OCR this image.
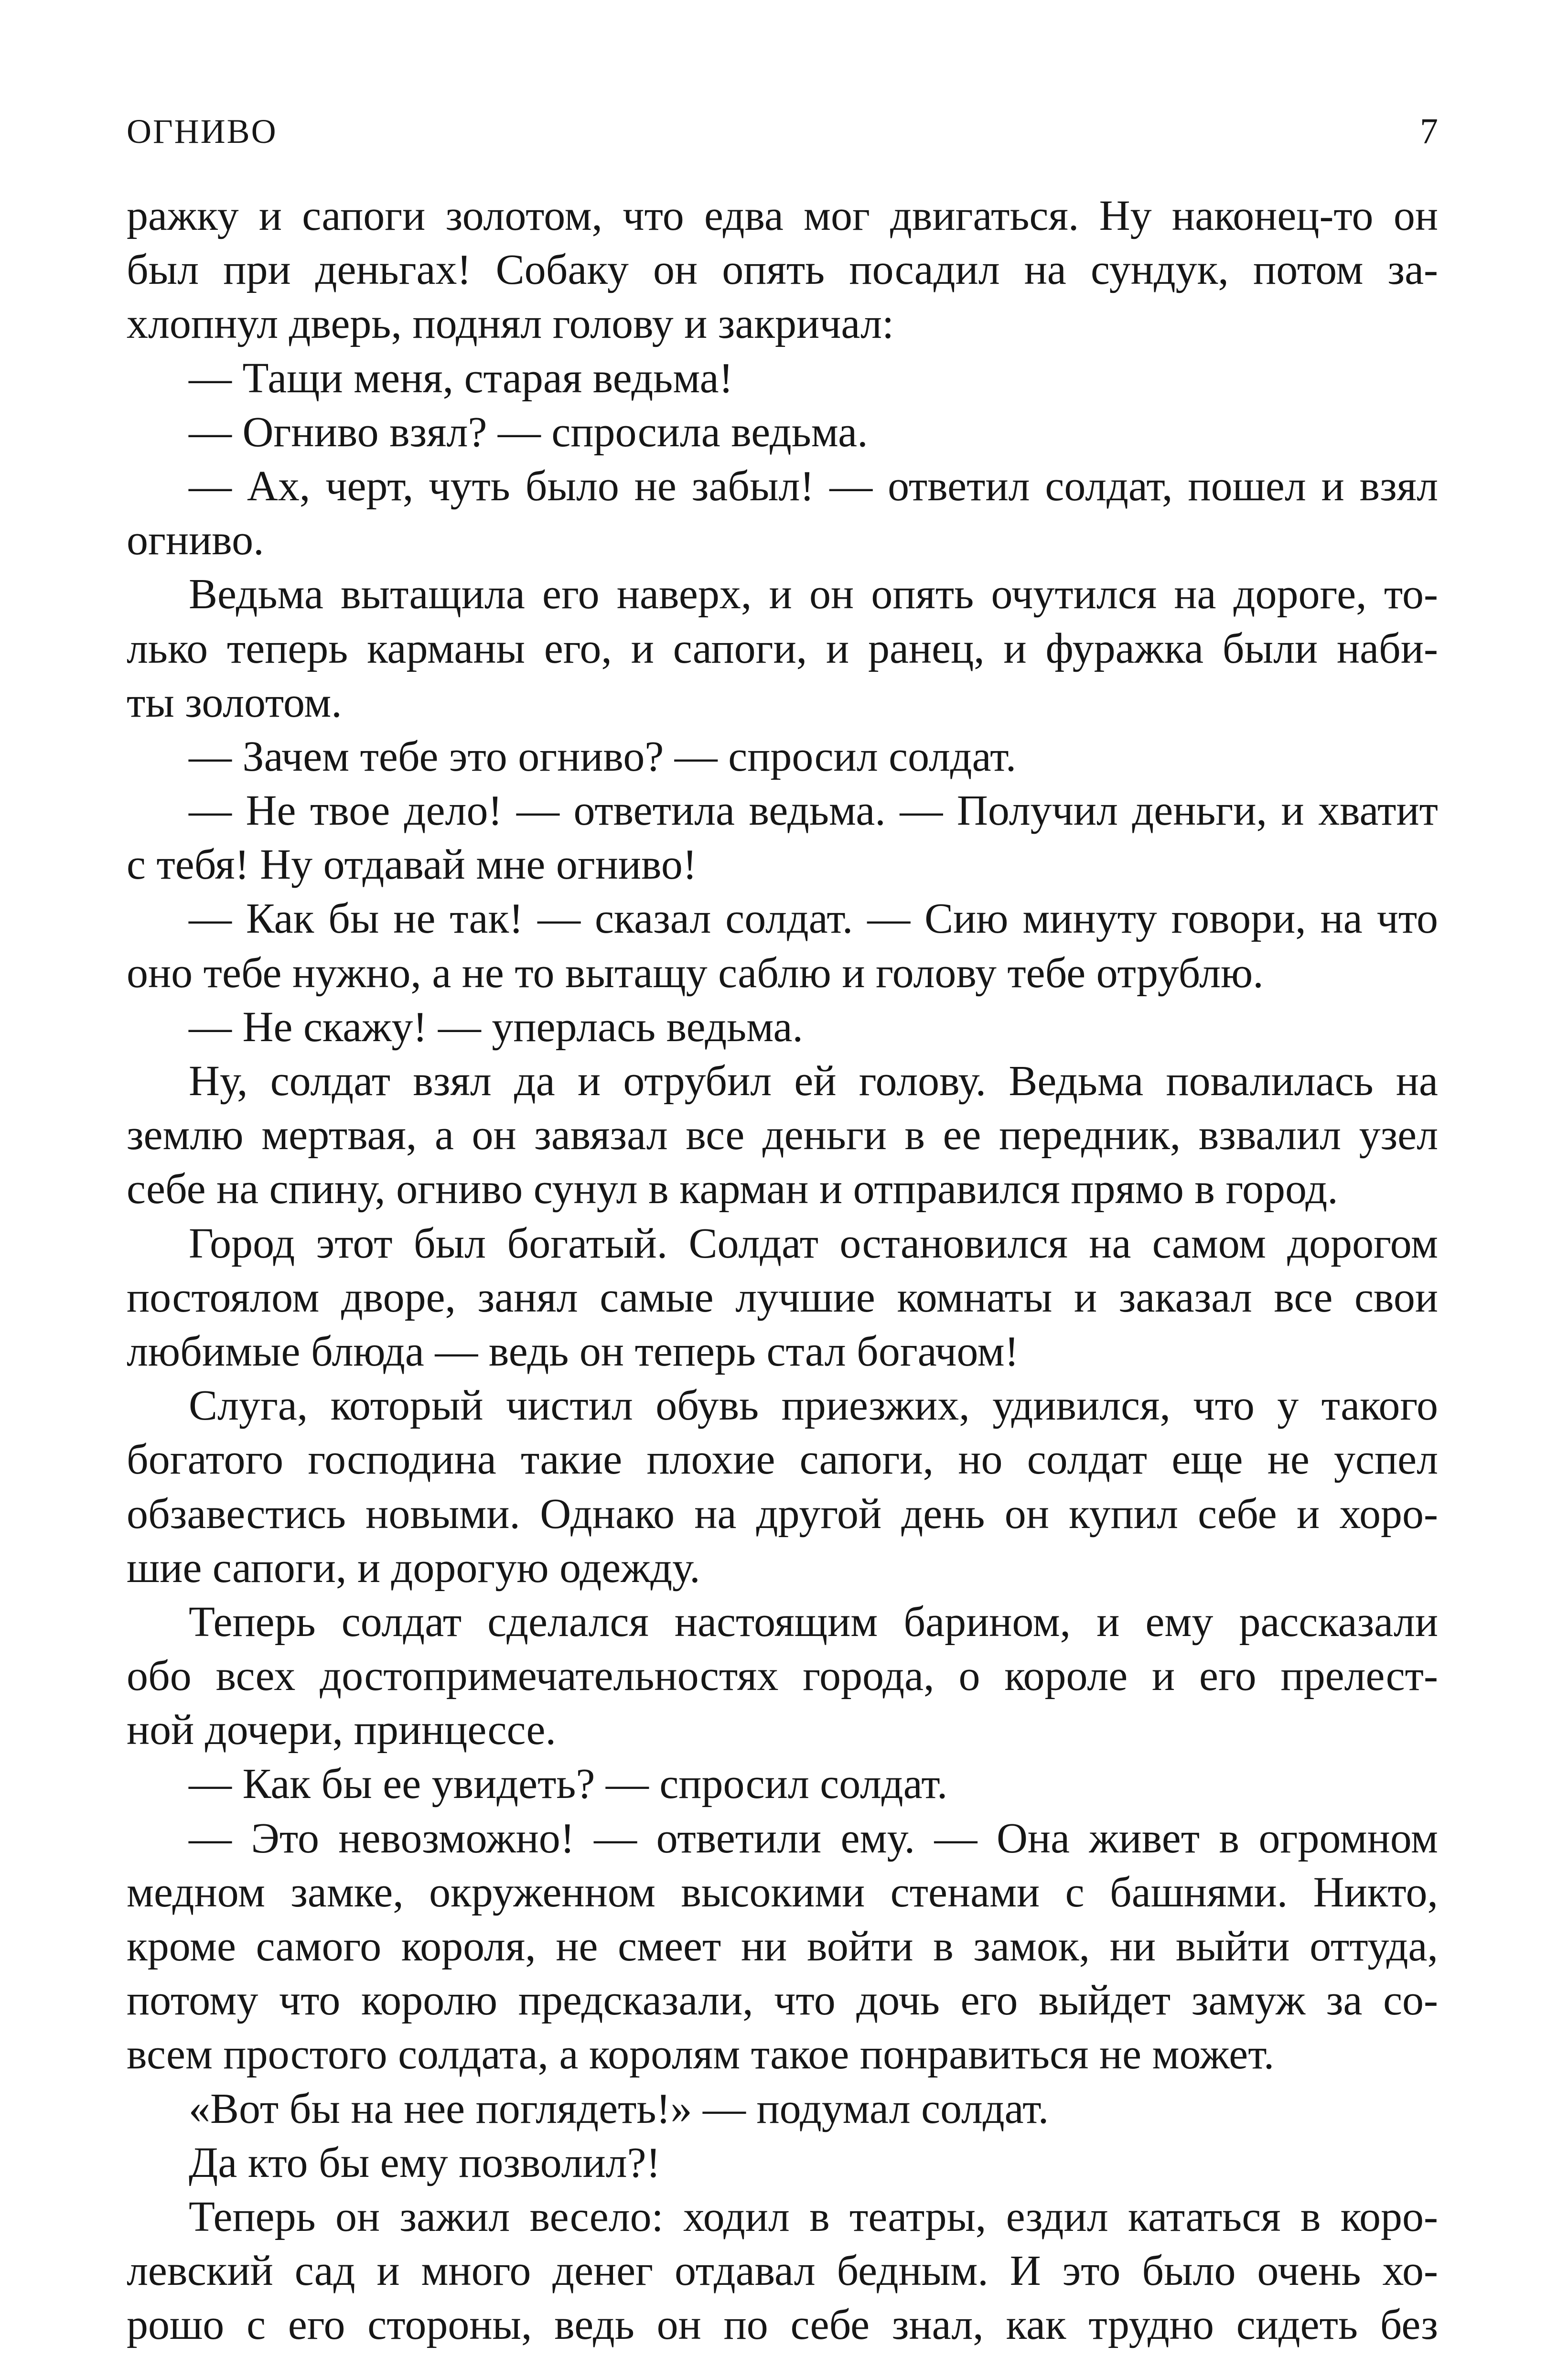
ОГНИВО	7
ражку и сапоги золотом, что едва мог двигаться. Ну наконец-то он
был при деньгах! Собаку он опять посадил на сундук, потом за-
хлопнул дверь, поднял голову и закричал:
— Тащи меня, старая ведьма!
— Огниво взял? — спросила ведьма.
— Ах, черт, чуть было не забыл! — ответил солдат, пошел и взял
огниво.
Ведьма вытащила его наверх, и он опять очутился на дороге, то-
лько теперь карманы его, и сапоги, и ранец, и фуражка были наби-
ты золотом.
— Зачем тебе это огниво? — спросил солдат.
— Не твое дело! — ответила ведьма. — Получил деньги, и хватит
с тебя! Ну отдавай мне огниво!
— Как бы не так! — сказал солдат. — Сию минуту говори, на что
оно тебе нужно, а не то вытащу саблю и голову тебе отрублю.
— Не скажу! — уперлась ведьма.
Ну, солдат взял да и отрубил ей голову. Ведьма повалилась на
землю мертвая, а он завязал все деньги в ее передник, взвалил узел
себе на спину, огниво сунул в карман и отправился прямо в город.
Город этот был богатый. Солдат остановился на самом дорогом
постоялом дворе, занял самые лучшие комнаты и заказал все свои
любимые блюда — ведь он теперь стал богачом!
Слуга, который чистил обувь приезжих, удивился, что у такого
богатого господина такие плохие сапоги, но солдат еще не успел
обзавестись новыми. Однако на другой день он купил себе и хоро-
шие сапоги, и дорогую одежду.
Теперь солдат сделался настоящим барином, и ему рассказали
обо всех достопримечательностях города, о короле и его прелест-
ной дочери, принцессе.
— Как бы ее увидеть? — спросил солдат.
— Это невозможно! — ответили ему. — Она живет в огромном
медном замке, окруженном высокими стенами с башнями. Никто,
кроме самого короля, не смеет ни войти в замок, ни выйти оттуда,
потому что королю предсказали, что дочь его выйдет замуж за со-
всем простого солдата, а королям такое понравиться не может.
«Вот бы на нее поглядеть!» — подумал солдат.
Да кто бы ему позволил?!
Теперь он зажил весело: ходил в театры, ездил кататься в коро-
левский сад и много денег отдавал бедным. И это было очень хо-
рошо с его стороны, ведь он по себе знал, как трудно сидеть без
